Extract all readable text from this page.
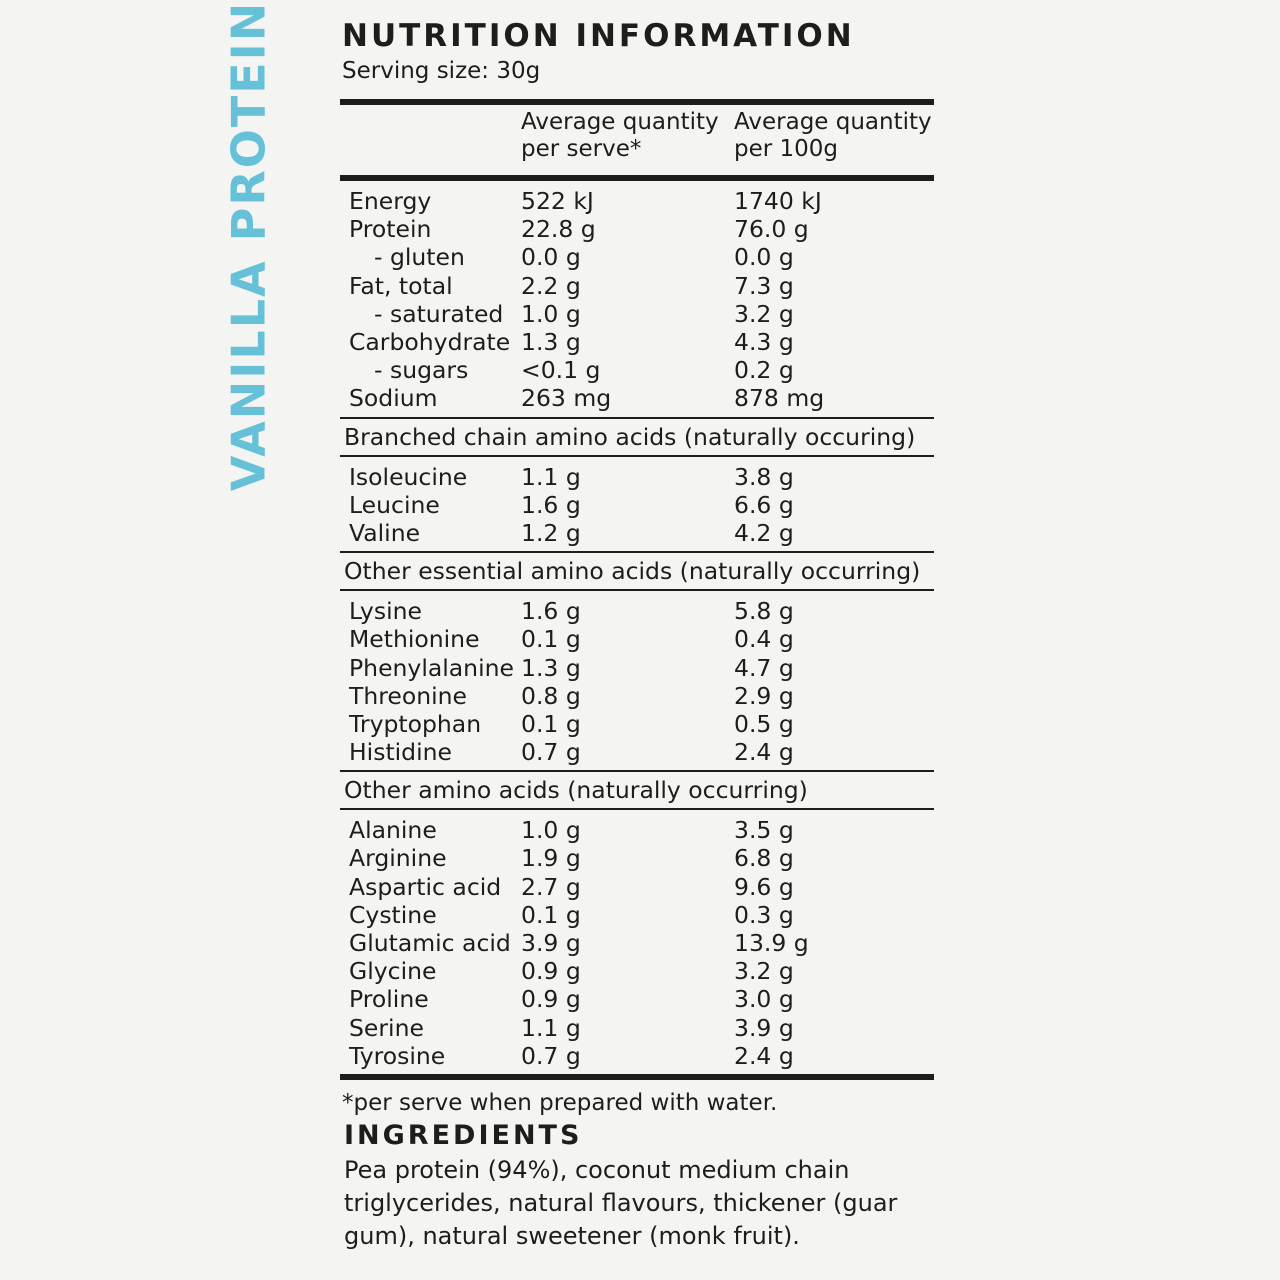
VANILLA PROTEIN NUTRITION INFORMATION
Serving size: 30g
Average quantity per serve*
Average quantity per 100g
Energy	522 kJ	1740 kJ
Protein	22.8 g	76.0 g
- gluten	0.0 g	0.0 g
Fat, total	2.2 g	7.3 g
- saturated 1.0 g	3.2 g
Carbohydrate 1.3 g	4.3 g
- sugars	<0.1 g	0.2 g
Sodium	263 mg	878 mg
Branched chain amino acids (naturally occuring)
Isoleucine	1.1 g	3.8 g
Leucine	1.6 g	6.6 g
Valine	1.2 g	4.2 g
Other essential amino acids (naturally occurring)
Lysine	1.6 g	5.8 g
Methionine	0.1 g	0.4 g
Phenylalanine 1.3 g	4.7 g
Threonine	0.8 g	2.9 g
Tryptophan	0.1 g	0.5 g
Histidine	0.7 g	2.4 g
Other amino acids (naturally occurring)
Alanine	1.0 g	3.5 g
Arginine	1.9 g	6.8 g
Aspartic acid 2.7 g	9.6 g
Cystine	0.1 g	0.3 g
Glutamic acid 3.9 g	13.9 g
Glycine	0.9 g	3.2 g
Proline	0.9 g	3.0 g
Serine	1.1 g	3.9 g
Tyrosine	0.7 g	2.4 g
*per serve when prepared with water.
INGREDIENTS
Pea protein (94%), coconut medium chain triglycerides, natural flavours, thickener (guar gum), natural sweetener (monk fruit).
